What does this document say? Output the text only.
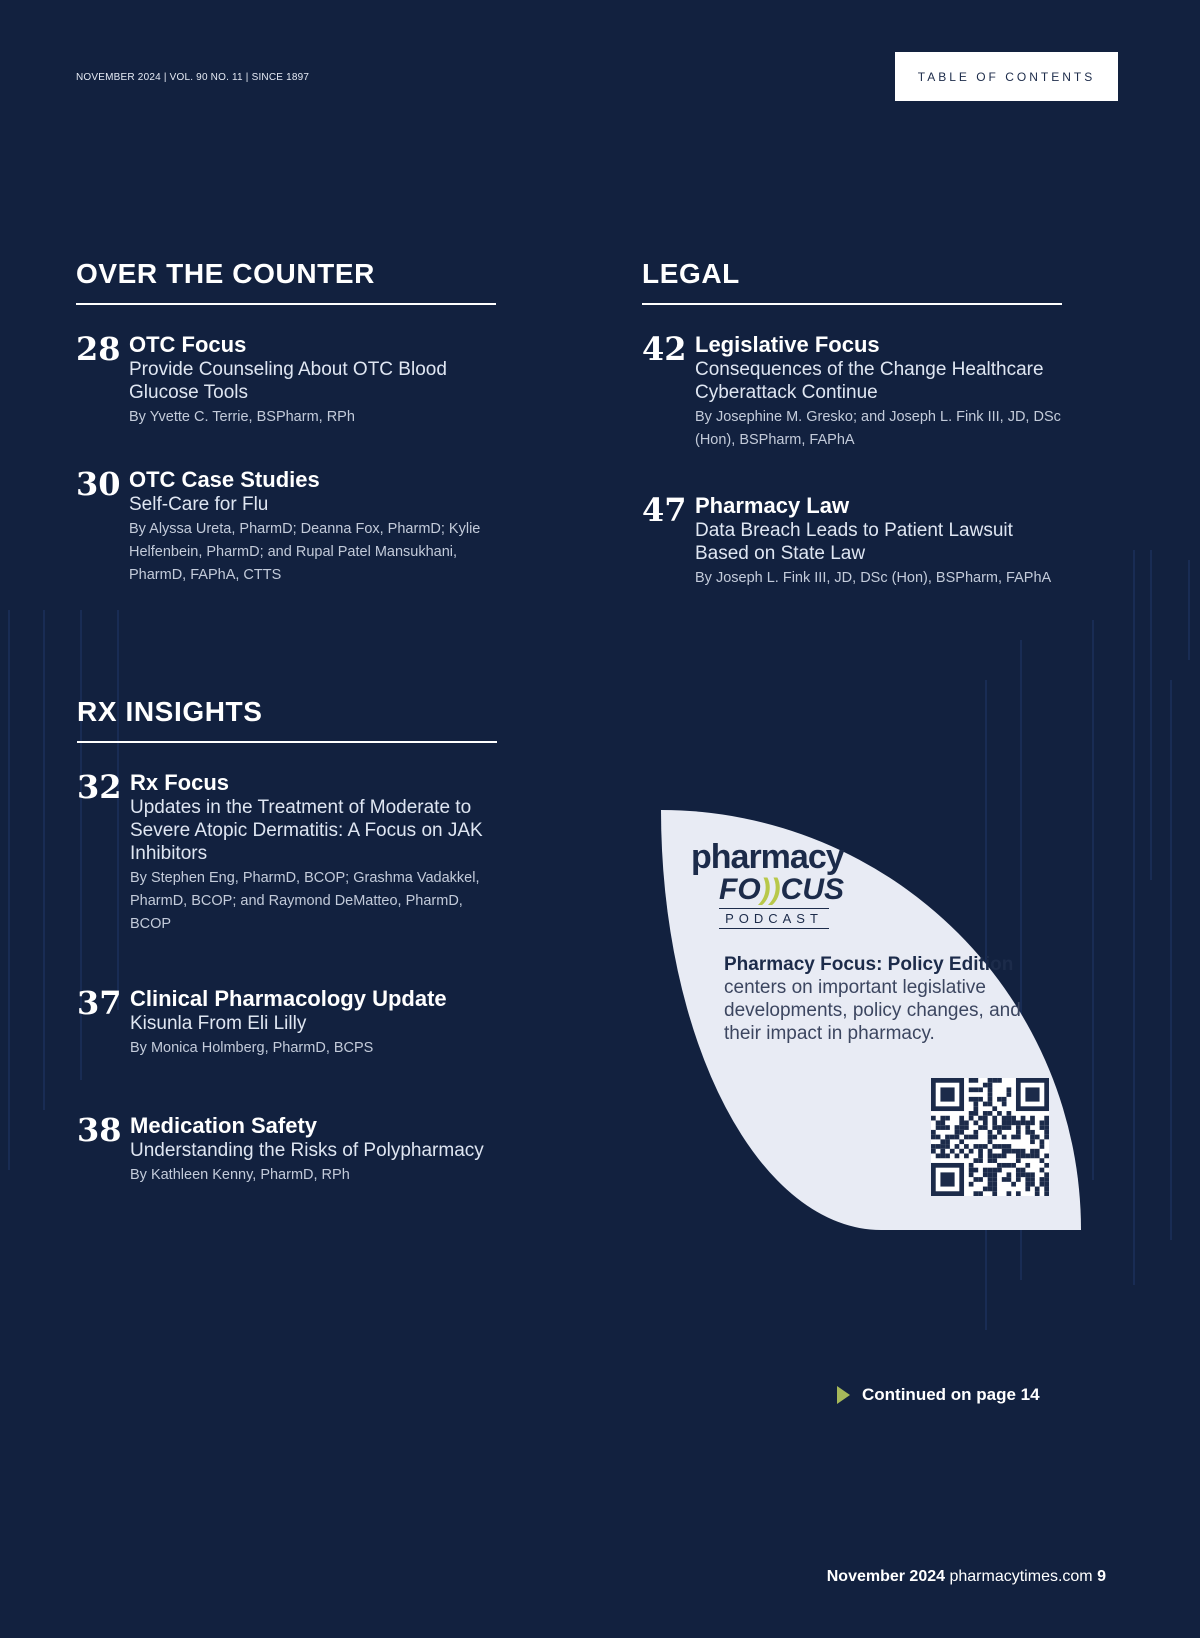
NOVEMBER 2024 | VOL. 90 NO. 11 | SINCE 1897	TABLE OF CONTENTS
OVER THE COUNTER
28 OTC Focus
Provide Counseling About OTC Blood Glucose Tools
By Yvette C. Terrie, BSPharm, RPh
30 OTC Case Studies
Self-Care for Flu
By Alyssa Ureta, PharmD; Deanna Fox, PharmD; Kylie Helfenbein, PharmD; and Rupal Patel Mansukhani, PharmD, FAPhA, CTTS
LEGAL
42 Legislative Focus
Consequences of the Change Healthcare Cyberattack Continue
By Josephine M. Gresko; and Joseph L. Fink III, JD, DSc (Hon), BSPharm, FAPhA
47 Pharmacy Law
Data Breach Leads to Patient Lawsuit Based on State Law
By Joseph L. Fink III, JD, DSc (Hon), BSPharm, FAPhA
RX INSIGHTS
32 Rx Focus
Updates in the Treatment of Moderate to Severe Atopic Dermatitis: A Focus on JAK Inhibitors
By Stephen Eng, PharmD, BCOP; Grashma Vadakkel, PharmD, BCOP; and Raymond DeMatteo, PharmD, BCOP
37 Clinical Pharmacology Update
Kisunla From Eli Lilly
By Monica Holmberg, PharmD, BCPS
38 Medication Safety
Understanding the Risks of Polypharmacy
By Kathleen Kenny, PharmD, RPh
pharmacy
FO))CUS
PODCAST
Pharmacy Focus: Policy Edition centers on important legislative developments, policy changes, and their impact in pharmacy.
Continued on page 14
November 2024 pharmacytimes.com 9
